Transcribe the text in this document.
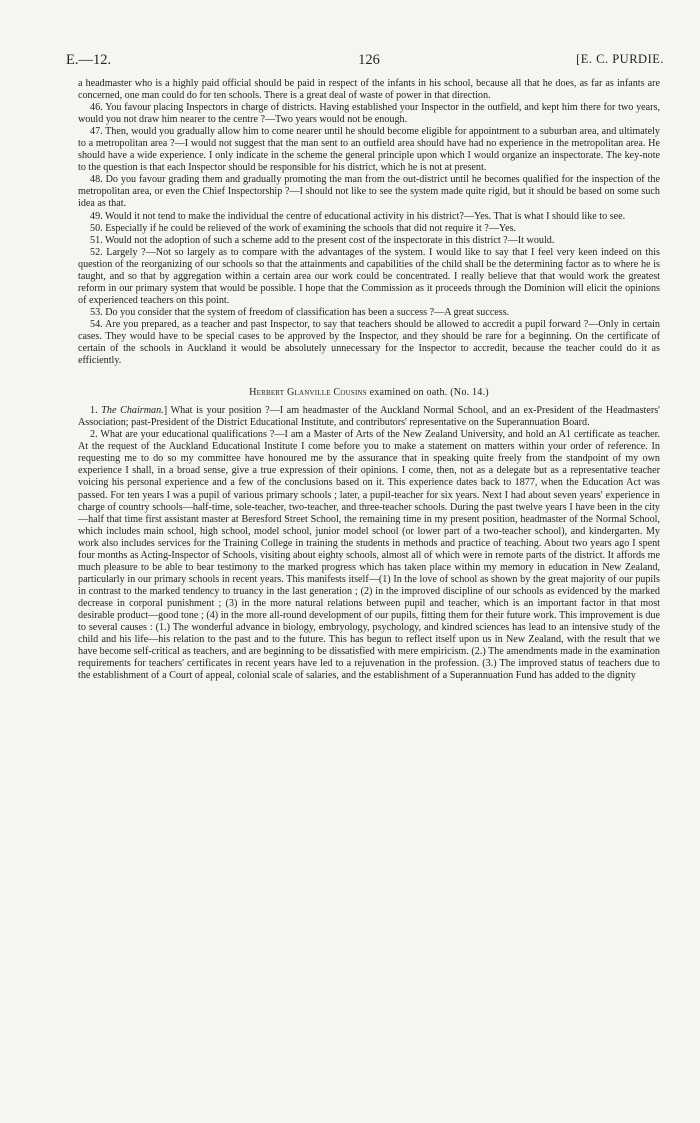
E.—12.	126	[E. C. PURDIE.

a headmaster who is a highly paid official should be paid in respect of the infants in his school, because all that he does, as far as infants are concerned, one man could do for ten schools. There is a great deal of waste of power in that direction.

46. You favour placing Inspectors in charge of districts. Having established your Inspector in the outfield, and kept him there for two years, would you not draw him nearer to the centre ?—Two years would not be enough.

47. Then, would you gradually allow him to come nearer until he should become eligible for appointment to a suburban area, and ultimately to a metropolitan area ?—I would not suggest that the man sent to an outfield area should have had no experience in the metropolitan area. He should have a wide experience. I only indicate in the scheme the general principle upon which I would organize an inspectorate. The key-note to the question is that each Inspector should be responsible for his district, which he is not at present.

48. Do you favour grading them and gradually promoting the man from the out-district until he becomes qualified for the inspection of the metropolitan area, or even the Chief Inspectorship ?—I should not like to see the system made quite rigid, but it should be based on some such idea as that.

49. Would it not tend to make the individual the centre of educational activity in his district?—Yes. That is what I should like to see.

50. Especially if he could be relieved of the work of examining the schools that did not require it ?—Yes.

51. Would not the adoption of such a scheme add to the present cost of the inspectorate in this district ?—It would.

52. Largely ?—Not so largely as to compare with the advantages of the system. I would like to say that I feel very keen indeed on this question of the reorganizing of our schools so that the attainments and capabilities of the child shall be the determining factor as to where he is taught, and so that by aggregation within a certain area our work could be concentrated. I really believe that that would work the greatest reform in our primary system that would be possible. I hope that the Commission as it proceeds through the Dominion will elicit the opinions of experienced teachers on this point.

53. Do you consider that the system of freedom of classification has been a success ?—A great success.

54. Are you prepared, as a teacher and past Inspector, to say that teachers should be allowed to accredit a pupil forward ?—Only in certain cases. They would have to be special cases to be approved by the Inspector, and they should be rare for a beginning. On the certificate of certain of the schools in Auckland it would be absolutely unnecessary for the Inspector to accredit, because the teacher could do it as efficiently.

Herbert Glanville Cousins examined on oath. (No. 14.)

1. The Chairman.] What is your position ?—I am headmaster of the Auckland Normal School, and an ex-President of the Headmasters' Association; past-President of the District Educational Institute, and contributors' representative on the Superannuation Board.

2. What are your educational qualifications ?—I am a Master of Arts of the New Zealand University, and hold an A1 certificate as teacher. At the request of the Auckland Educational Institute I come before you to make a statement on matters within your order of reference. In requesting me to do so my committee have honoured me by the assurance that in speaking quite freely from the standpoint of my own experience I shall, in a broad sense, give a true expression of their opinions. I come, then, not as a delegate but as a representative teacher voicing his personal experience and a few of the conclusions based on it. This experience dates back to 1877, when the Education Act was passed. For ten years I was a pupil of various primary schools ; later, a pupil-teacher for six years. Next I had about seven years' experience in charge of country schools—half-time, sole-teacher, two-teacher, and three-teacher schools. During the past twelve years I have been in the city—half that time first assistant master at Beresford Street School, the remaining time in my present position, headmaster of the Normal School, which includes main school, high school, model school, junior model school (or lower part of a two-teacher school), and kindergarten. My work also includes services for the Training College in training the students in methods and practice of teaching. About two years ago I spent four months as Acting-Inspector of Schools, visiting about eighty schools, almost all of which were in remote parts of the district. It affords me much pleasure to be able to bear testimony to the marked progress which has taken place within my memory in education in New Zealand, particularly in our primary schools in recent years. This manifests itself—(1) In the love of school as shown by the great majority of our pupils in contrast to the marked tendency to truancy in the last generation ; (2) in the improved discipline of our schools as evidenced by the marked decrease in corporal punishment ; (3) in the more natural relations between pupil and teacher, which is an important factor in that most desirable product—good tone ; (4) in the more all-round development of our pupils, fitting them for their future work. This improvement is due to several causes : (1.) The wonderful advance in biology, embryology, psychology, and kindred sciences has lead to an intensive study of the child and his life—his relation to the past and to the future. This has begun to reflect itself upon us in New Zealand, with the result that we have become self-critical as teachers, and are beginning to be dissatisfied with mere empiricism. (2.) The amendments made in the examination requirements for teachers' certificates in recent years have led to a rejuvenation in the profession. (3.) The improved status of teachers due to the establishment of a Court of appeal, colonial scale of salaries, and the establishment of a Superannuation Fund has added to the dignity
